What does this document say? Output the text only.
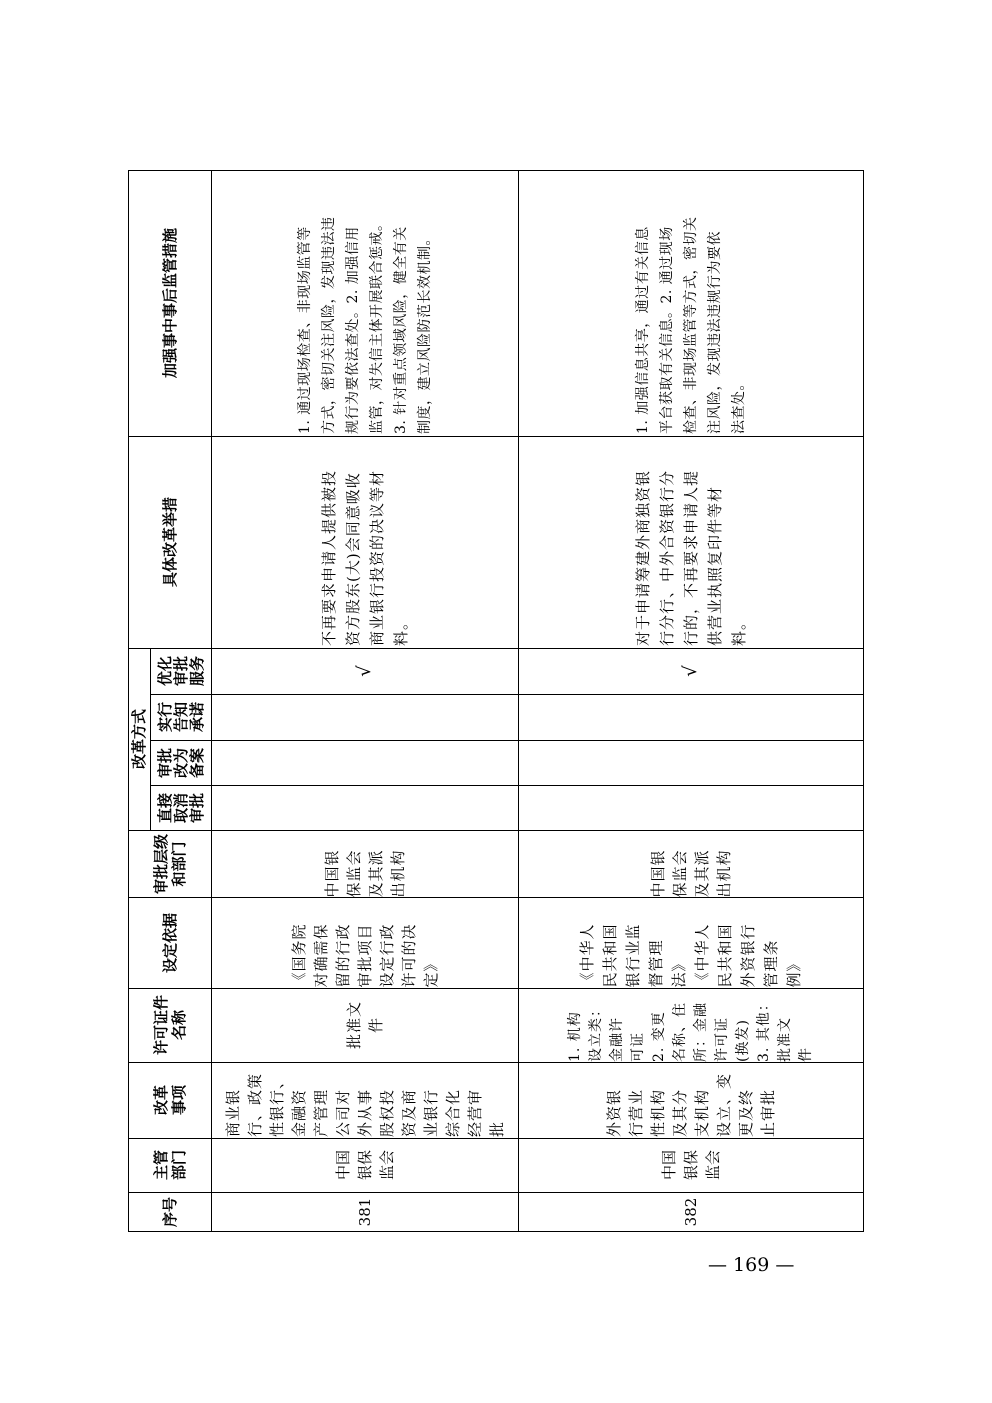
序号
主管
部门
改革
事项
许可证件
名称
设定依据
审批层级
和部门
改革方式
直接
取消
审批
审批
改为
备案
实行
告知
承诺
优化
审批
服务
具体改革举措
加强事中事后监管措施
381
中国
银保
监会
商业银
行、政策
性银行、
金融资
产管理
公司对
外从事
股权投
资及商
业银行
综合化
经营审
批
批准文
件
《国务院
对确需保
留的行政
审批项目
设定行政
许可的决
定》
中国银
保监会
及其派
出机构
√
不再要求申请人提供被投
资方股东(大)会同意吸收
商业银行投资的决议等材
料。
1. 通过现场检查、非现场监管等
方式，密切关注风险，发现违法违
规行为要依法查处。2. 加强信用
监管，对失信主体开展联合惩戒。
3. 针对重点领域风险，健全有关
制度，建立风险防范长效机制。
382
中国
银保
监会
外资银
行营业
性机构
及其分
支机构
设立、变
更及终
止审批
1. 机构
设立类：
金融许
可证
2. 变更
名称、住
所：金融
许可证
(换发)
3. 其他：
批准文
件
《中华人
民共和国
银行业监
督管理
法》
《中华人
民共和国
外资银行
管理条
例》
中国银
保监会
及其派
出机构
√
对于申请筹建外商独资银
行分行、中外合资银行分
行的，不再要求申请人提
供营业执照复印件等材
料。
1. 加强信息共享，通过有关信息
平台获取有关信息。2. 通过现场
检查、非现场监管等方式，密切关
注风险，发现违法违规行为要依
法查处。
— 169 —
